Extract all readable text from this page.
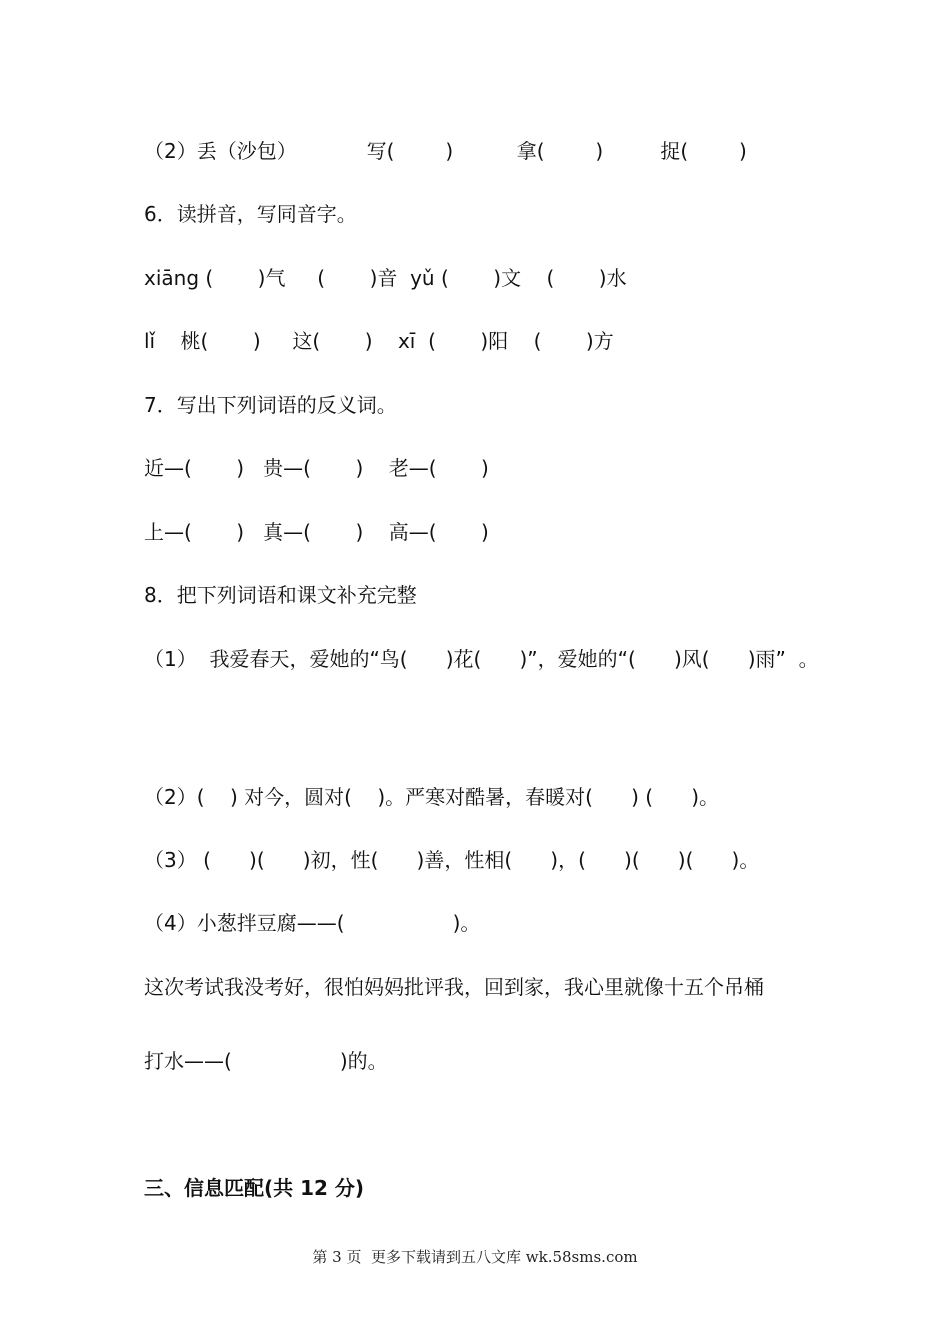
（2）丢（沙包）           写(        )          拿(        )         捉(        )
6．读拼音，写同音字。
xiāng (       )气     (       )音  yǔ (       )文    (       )水
lǐ    桃(       )     这(       )    xī  (       )阳    (       )方
7．写出下列词语的反义词。
近—(       )   贵—(       )    老—(       )
上—(       )   真—(       )    高—(       )
8．把下列词语和课文补充完整
（1）  我爱春天，爱她的“鸟(      )花(      )”，爱她的“(      )风(      )雨”  。
（2）(    ) 对今，圆对(    )。严寒对酷暑，春暖对(      ) (      )。
（3） (      )(      )初，性(      )善，性相(      )，(      )(      )(      )。
（4）小葱拌豆腐——(                 )。
这次考试我没考好，很怕妈妈批评我，回到家，我心里就像十五个吊桶
打水——(                 )的。
三、信息匹配(共 12 分)
第 3 页  更多下载请到五八文库 wk.58sms.com
